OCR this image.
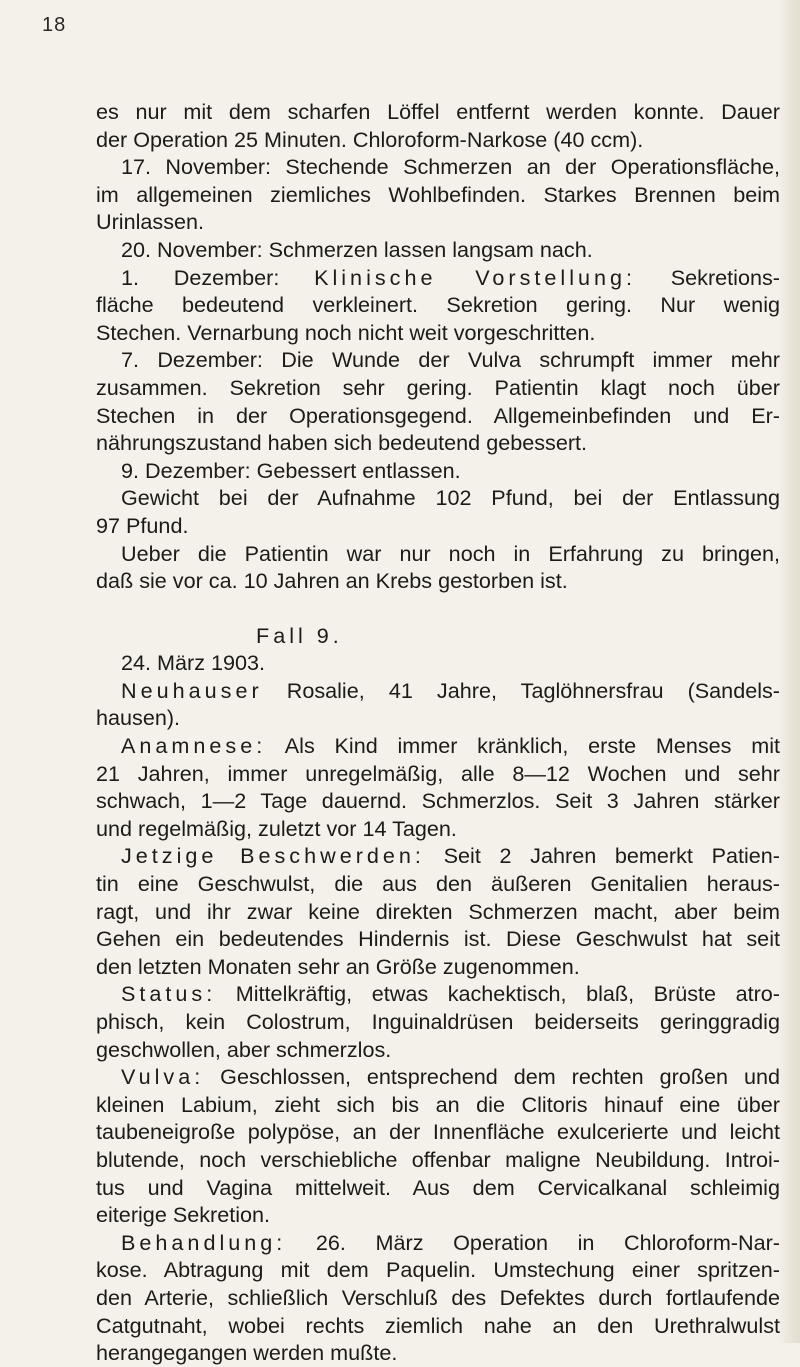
18
es nur mit dem scharfen Löffel entfernt werden konnte. Dauer
der Operation 25 Minuten. Chloroform-Narkose (40 ccm).
17. November: Stechende Schmerzen an der Operationsfläche,
im allgemeinen ziemliches Wohlbefinden. Starkes Brennen beim
Urinlassen.
20. November: Schmerzen lassen langsam nach.
1. Dezember: Klinische Vorstellung: Sekretions-
fläche bedeutend verkleinert. Sekretion gering. Nur wenig
Stechen. Vernarbung noch nicht weit vorgeschritten.
7. Dezember: Die Wunde der Vulva schrumpft immer mehr
zusammen. Sekretion sehr gering. Patientin klagt noch über
Stechen in der Operationsgegend. Allgemeinbefinden und Er-
nährungszustand haben sich bedeutend gebessert.
9. Dezember: Gebessert entlassen.
Gewicht bei der Aufnahme 102 Pfund, bei der Entlassung
97 Pfund.
Ueber die Patientin war nur noch in Erfahrung zu bringen,
daß sie vor ca. 10 Jahren an Krebs gestorben ist.
Fall 9.
24. März 1903.
Neuhauser Rosalie, 41 Jahre, Taglöhnersfrau (Sandels-
hausen).
Anamnese: Als Kind immer kränklich, erste Menses mit
21 Jahren, immer unregelmäßig, alle 8—12 Wochen und sehr
schwach, 1—2 Tage dauernd. Schmerzlos. Seit 3 Jahren stärker
und regelmäßig, zuletzt vor 14 Tagen.
Jetzige Beschwerden: Seit 2 Jahren bemerkt Patien-
tin eine Geschwulst, die aus den äußeren Genitalien heraus-
ragt, und ihr zwar keine direkten Schmerzen macht, aber beim
Gehen ein bedeutendes Hindernis ist. Diese Geschwulst hat seit
den letzten Monaten sehr an Größe zugenommen.
Status: Mittelkräftig, etwas kachektisch, blaß, Brüste atro-
phisch, kein Colostrum, Inguinaldrüsen beiderseits geringgradig
geschwollen, aber schmerzlos.
Vulva: Geschlossen, entsprechend dem rechten großen und
kleinen Labium, zieht sich bis an die Clitoris hinauf eine über
taubeneigroße polypöse, an der Innenfläche exulcerierte und leicht
blutende, noch verschiebliche offenbar maligne Neubildung. Introi-
tus und Vagina mittelweit. Aus dem Cervicalkanal schleimig
eiterige Sekretion.
Behandlung: 26. März Operation in Chloroform-Nar-
kose. Abtragung mit dem Paquelin. Umstechung einer spritzen-
den Arterie, schließlich Verschluß des Defektes durch fortlaufende
Catgutnaht, wobei rechts ziemlich nahe an den Urethralwulst
herangegangen werden mußte.
